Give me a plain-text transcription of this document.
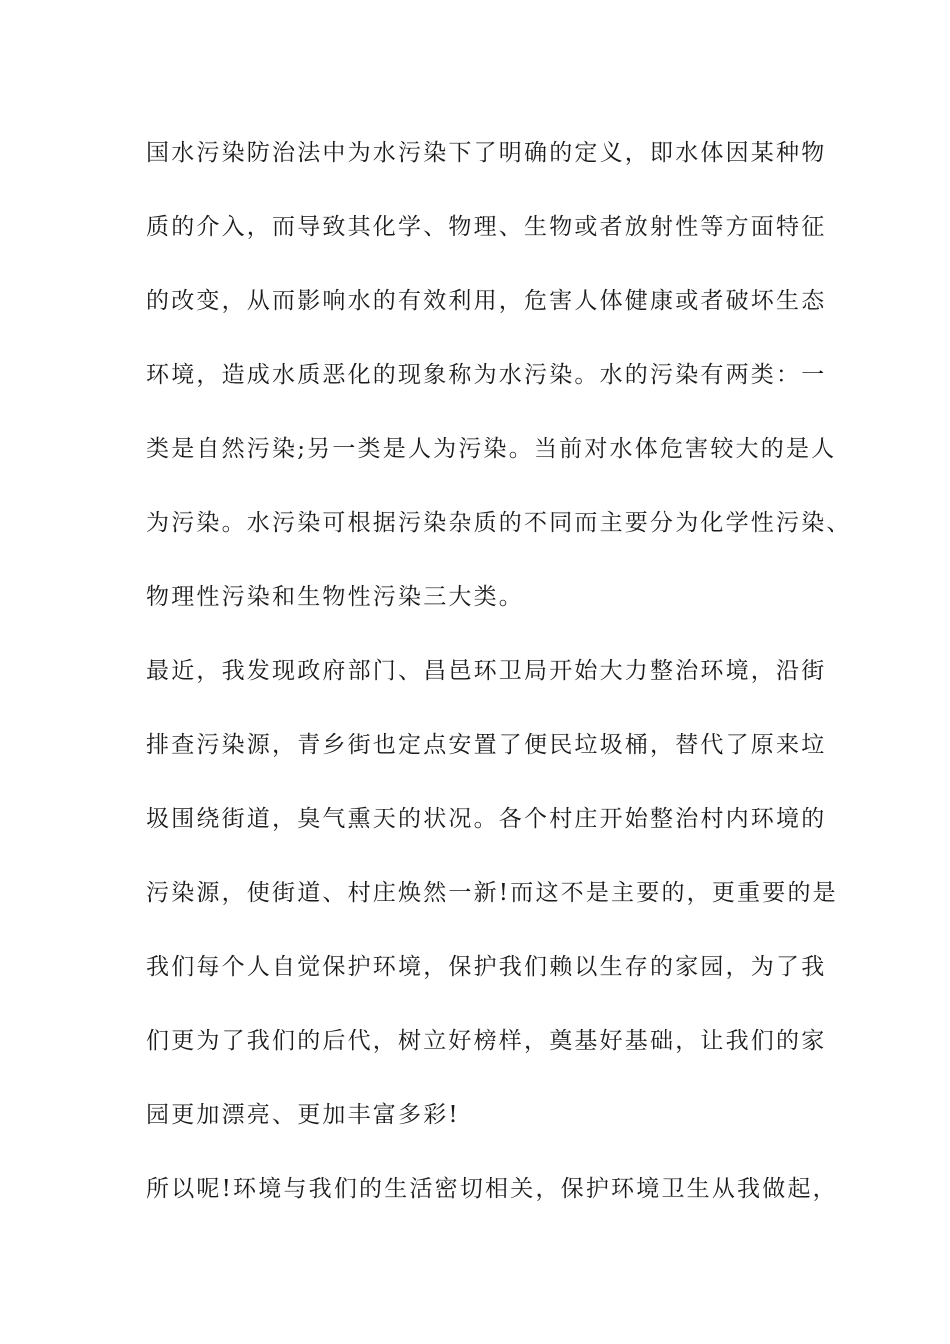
国水污染防治法中为水污染下了明确的定义，即水体因某种物
质的介入，而导致其化学、物理、生物或者放射性等方面特征
的改变，从而影响水的有效利用，危害人体健康或者破坏生态
环境，造成水质恶化的现象称为水污染。水的污染有两类：一
类是自然污染;另一类是人为污染。当前对水体危害较大的是人
为污染。水污染可根据污染杂质的不同而主要分为化学性污染、
物理性污染和生物性污染三大类。
最近，我发现政府部门、昌邑环卫局开始大力整治环境，沿街
排查污染源，青乡街也定点安置了便民垃圾桶，替代了原来垃
圾围绕街道，臭气熏天的状况。各个村庄开始整治村内环境的
污染源，使街道、村庄焕然一新!而这不是主要的，更重要的是
我们每个人自觉保护环境，保护我们赖以生存的家园，为了我
们更为了我们的后代，树立好榜样，奠基好基础，让我们的家
园更加漂亮、更加丰富多彩!
所以呢!环境与我们的生活密切相关，保护环境卫生从我做起，
